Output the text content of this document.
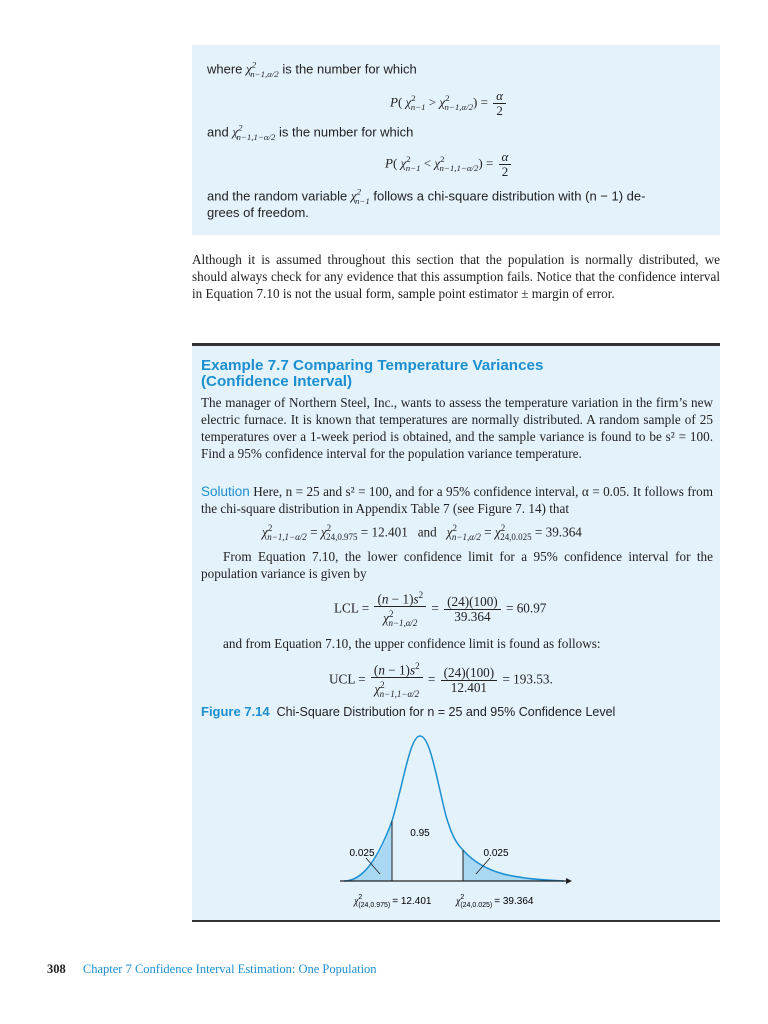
where $\chi^2_{n-1,\alpha/2}$ is the number for which
P( $\chi^2_{n-1} > \chi^2_{n-1,\alpha/2}) = \frac{\alpha}{2}$
and $\chi^2_{n-1,1-\alpha/2}$ is the number for which
P( $\chi^2_{n-1} < \chi^2_{n-1,1-\alpha/2}) = \frac{\alpha}{2}$
and the random variable $\chi^2_{n-1}$ follows a chi-square distribution with (n − 1) de-
grees of freedom.
Although it is assumed throughout this section that the population is normally distributed, we should always check for any evidence that this assumption fails. Notice that the confidence interval in Equation 7.10 is not the usual form, sample point estimator ± margin of error.
Example 7.7 Comparing Temperature Variances
(Confidence Interval)
The manager of Northern Steel, Inc., wants to assess the temperature variation in the firm’s new electric furnace. It is known that temperatures are normally distributed. A random sample of 25 temperatures over a 1-week period is obtained, and the sample variance is found to be s² = 100. Find a 95% confidence interval for the population variance temperature.
Solution Here, n = 25 and s² = 100, and for a 95% confidence interval, α = 0.05. It follows from the chi-square distribution in Appendix Table 7 (see Figure 7. 14) that
$\chi^2_{n-1,1-\alpha/2} = \chi^2_{24,0.975} = 12.401$ and $\chi^2_{n-1,\alpha/2} = \chi^2_{24,0.025} = 39.364$
From Equation 7.10, the lower confidence limit for a 95% confidence interval for the population variance is given by
LCL = $\frac{(n - 1)s^2}{\chi^2_{n-1,\alpha/2}} = \frac{(24)(100)}{39.364} = 60.97$
and from Equation 7.10, the upper confidence limit is found as follows:
UCL = $\frac{(n - 1)s^2}{\chi^2_{n-1,1-\alpha/2}} = \frac{(24)(100)}{12.401} = 193.53$.
Figure 7.14 Chi-Square Distribution for n = 25 and 95% Confidence Level
0.95
0.025	0.025
$\chi^2$ (24,0.975) = 12.401 $\chi^2$ (24,0.025) = 39.364
308 Chapter 7 Confidence Interval Estimation: One Population
